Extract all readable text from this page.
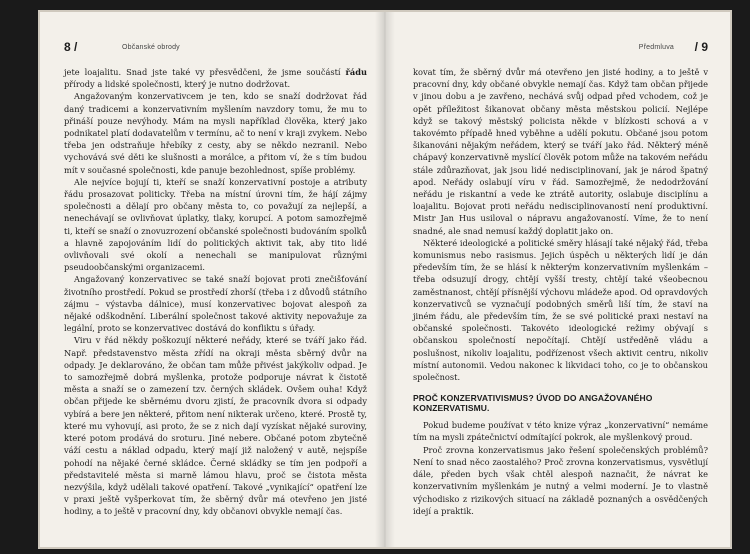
8 /	Občanské obrody

jete loajalitu. Snad jste také vy přesvědčeni, že jsme součástí řádu přírody a lidské společnosti, který je nutno dodržovat.

Angažovaným konzervativcem je ten, kdo se snaží dodržovat řád daný tradicemi a konzervativním myšlením navzdory tomu, že mu to přináší pouze nevýhody. Mám na mysli například člověka, který jako podnikatel platí dodavatelům v termínu, ač to není v kraji zvykem. Nebo třeba jen odstraňuje hřebíky z cesty, aby se někdo nezranil. Nebo vychovává své děti ke slušnosti a morálce, a přitom ví, že s tím budou mít v současné společnosti, kde panuje bezohlednost, spíše problémy.

Ale nejvíce bojují ti, kteří se snaží konzervativní postoje a atributy řádu prosazovat politicky. Třeba na místní úrovni tím, že hájí zájmy společnosti a dělají pro občany města to, co považují za nejlepší, a nenechávají se ovlivňovat úplatky, tlaky, korupcí. A potom samozřejmě ti, kteří se snaží o znovuzrození občanské společnosti budováním spolků a hlavně zapojováním lidí do politických aktivit tak, aby tito lidé ovlivňovali své okolí a nenechali se manipulovat různými pseudoobčanskými organizacemi.

Angažovaný konzervativec se také snaží bojovat proti znečišťování životního prostředí. Pokud se prostředí zhorší (třeba i z důvodů státního zájmu – výstavba dálnice), musí konzervativec bojovat alespoň za nějaké odškodnění. Liberální společnost takové aktivity nepovažuje za legální, proto se konzervativec dostává do konfliktu s úřady.

Viru v řád někdy poškozují některé neřády, které se tváří jako řád. Např. představenstvo města zřídí na okraji města sběrný dvůr na odpady. Je deklarováno, že občan tam může přivést jakýkoliv odpad. Je to samozřejmě dobrá myšlenka, protože podporuje návrat k čistotě města a snaží se o zamezení tzv. černých skládek. Ovšem ouha! Když občan přijede ke sběrnému dvoru zjistí, že pracovník dvora si odpady vybírá a bere jen některé, přitom není nikterak určeno, které. Prostě ty, které mu vyhovují, asi proto, že se z nich dají vyzískat nějaké suroviny, které potom prodává do sroturu. Jiné nebere. Občané potom zbytečně váží cestu a náklad odpadu, který mají již naložený v autě, nejspíše pohodí na nějaké černé skládce. Černé skládky se tím jen podpoří a představitelé města si marně lámou hlavu, proč se čistota města nezvýšila, když udělali takové opatření. Takové „vynikající“ opatření lze v praxi ještě vyšperkovat tím, že sběrný dvůr má otevřeno jen jisté hodiny, a to ještě v pracovní dny, kdy občanovi obvykle nemají čas.

Předmluva / 9

kovat tím, že sběrný dvůr má otevřeno jen jisté hodiny, a to ještě v pracovní dny, kdy občané obvykle nemají čas. Když tam občan přijede v jinou dobu a je zavřeno, nechává svůj odpad před vchodem, což je opět příležitost šikanovat občany města městskou policií. Nejlépe když se takový městský policista někde v blízkosti schová a v takovémto případě hned vyběhne a udělí pokutu. Občané jsou potom šikanováni nějakým neřádem, který se tváří jako řád. Některý méně chápavý konzervativně myslící člověk potom může na takovém neřádu stále zdůrazňovat, jak jsou lidé nedisciplinovaní, jak je národ špatný apod. Neřády oslabují víru v řád. Samozřejmě, že nedodržování neřádu je riskantní a vede ke ztrátě autority, oslabuje disciplínu a loajalitu. Bojovat proti neřádu nedisciplinovaností není produktivní. Mistr Jan Hus usiloval o nápravu angažovaností. Víme, že to není snadné, ale snad nemusí každý doplatit jako on.

Některé ideologické a politické směry hlásají také nějaký řád, třeba komunismus nebo rasismus. Jejich úspěch u některých lidí je dán především tím, že se hlásí k některým konzervativním myšlenkám – třeba odsuzují drogy, chtějí vyšší tresty, chtějí také všeobecnou zaměstnanost, chtějí přísnější výchovu mládeže apod. Od opravdových konzervativců se vyznačují podobných směrů liší tím, že staví na jiném řádu, ale především tím, že se své politické praxi nestaví na občanské společnosti. Takovéto ideologické režimy obývají s občanskou společností nepočítají. Chtějí ustředěně vládu a poslušnost, nikoliv loajalitu, podřízenost všech aktivit centru, nikoliv místní autonomii. Vedou nakonec k likvidaci toho, co je to občanskou společnost.

PROČ KONZERVATIVISMUS? ÚVOD DO ANGAŽOVANÉHO KONZERVATISMU.

Pokud budeme používat v této knize výraz „konzervativní“ nemáme tím na mysli zpátečnictví odmítající pokrok, ale myšlenkový proud.

Proč zrovna konzervatismus jako řešení společenských problémů? Není to snad něco zaostalého? Proč zrovna konzervatismus, vysvětlují dále, předen bych však chtěl alespoň naznačit, že návrat ke konzervativním myšlenkám je nutný a velmi moderní. Je to vlastně východisko z rizikových situací na základě poznaných a osvědčených idejí a praktik.
